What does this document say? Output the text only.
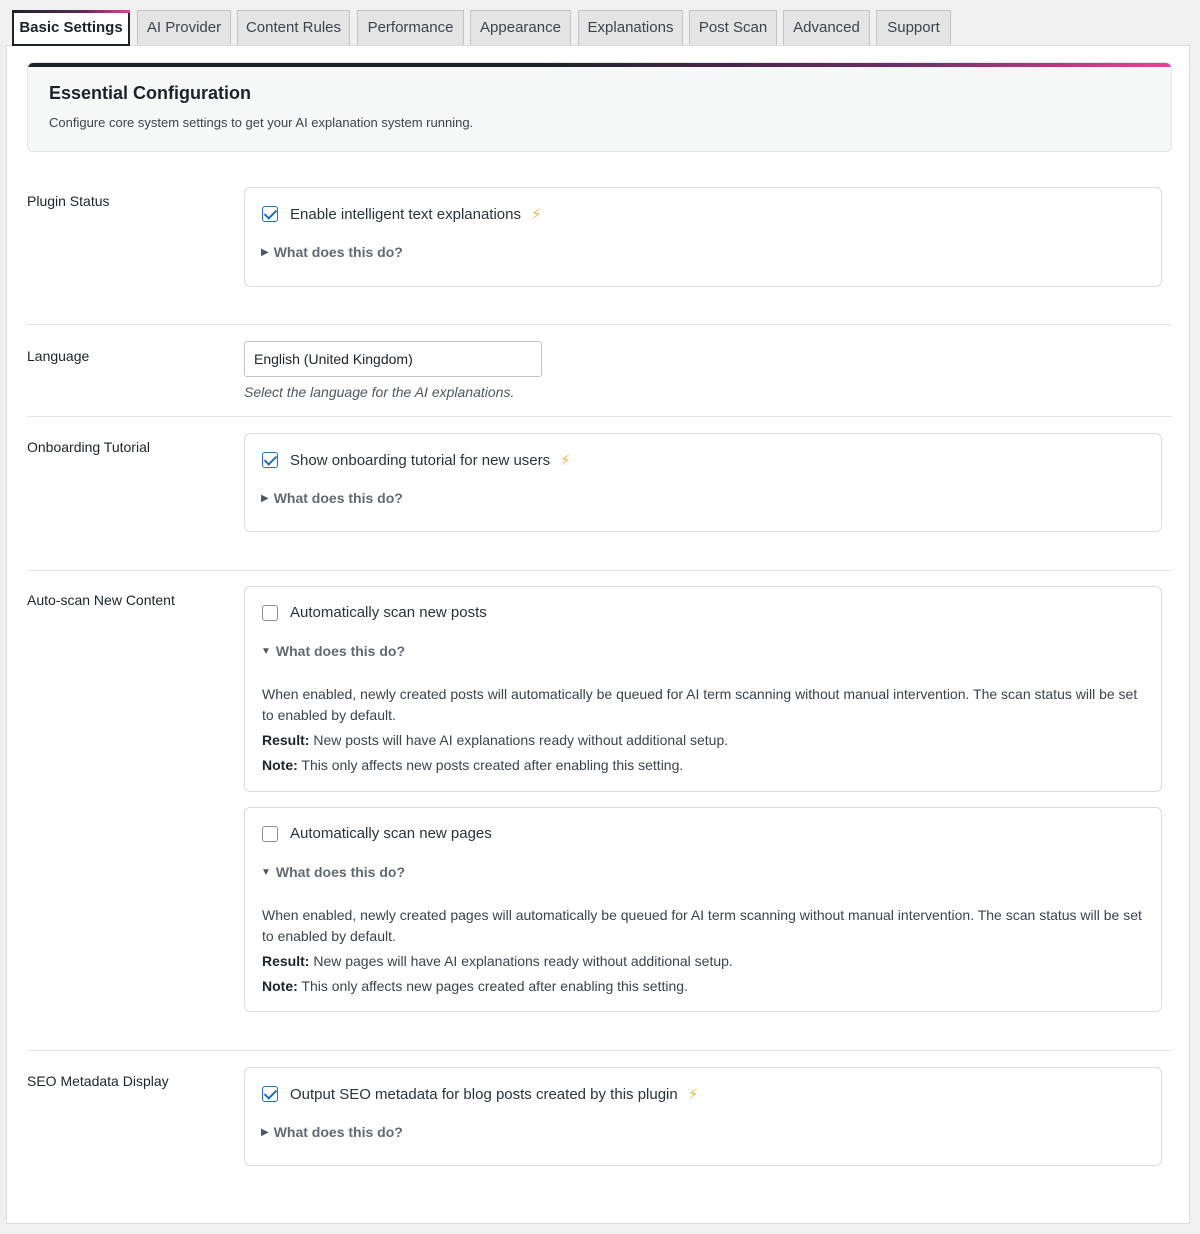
Basic Settings	AI Provider	Content Rules	Performance	Appearance	Explanations	Post Scan	Advanced	Support
Essential Configuration
Configure core system settings to get your AI explanation system running.
Plugin Status
Enable intelligent text explanations ⚡
▶ What does this do?
Language	English (United Kingdom)
Select the language for the AI explanations.
Onboarding Tutorial
Show onboarding tutorial for new users ⚡
▶ What does this do?
Auto-scan New Content
Automatically scan new posts
▼ What does this do?

When enabled, newly created posts will automatically be queued for AI term scanning without manual intervention. The scan status will be set to enabled by default.

Result: New posts will have AI explanations ready without additional setup.

Note: This only affects new posts created after enabling this setting.

Automatically scan new pages
▼ What does this do?

When enabled, newly created pages will automatically be queued for AI term scanning without manual intervention. The scan status will be set to enabled by default.

Result: New pages will have AI explanations ready without additional setup.

Note: This only affects new pages created after enabling this setting.

SEO Metadata Display
Output SEO metadata for blog posts created by this plugin ⚡
▶ What does this do?
